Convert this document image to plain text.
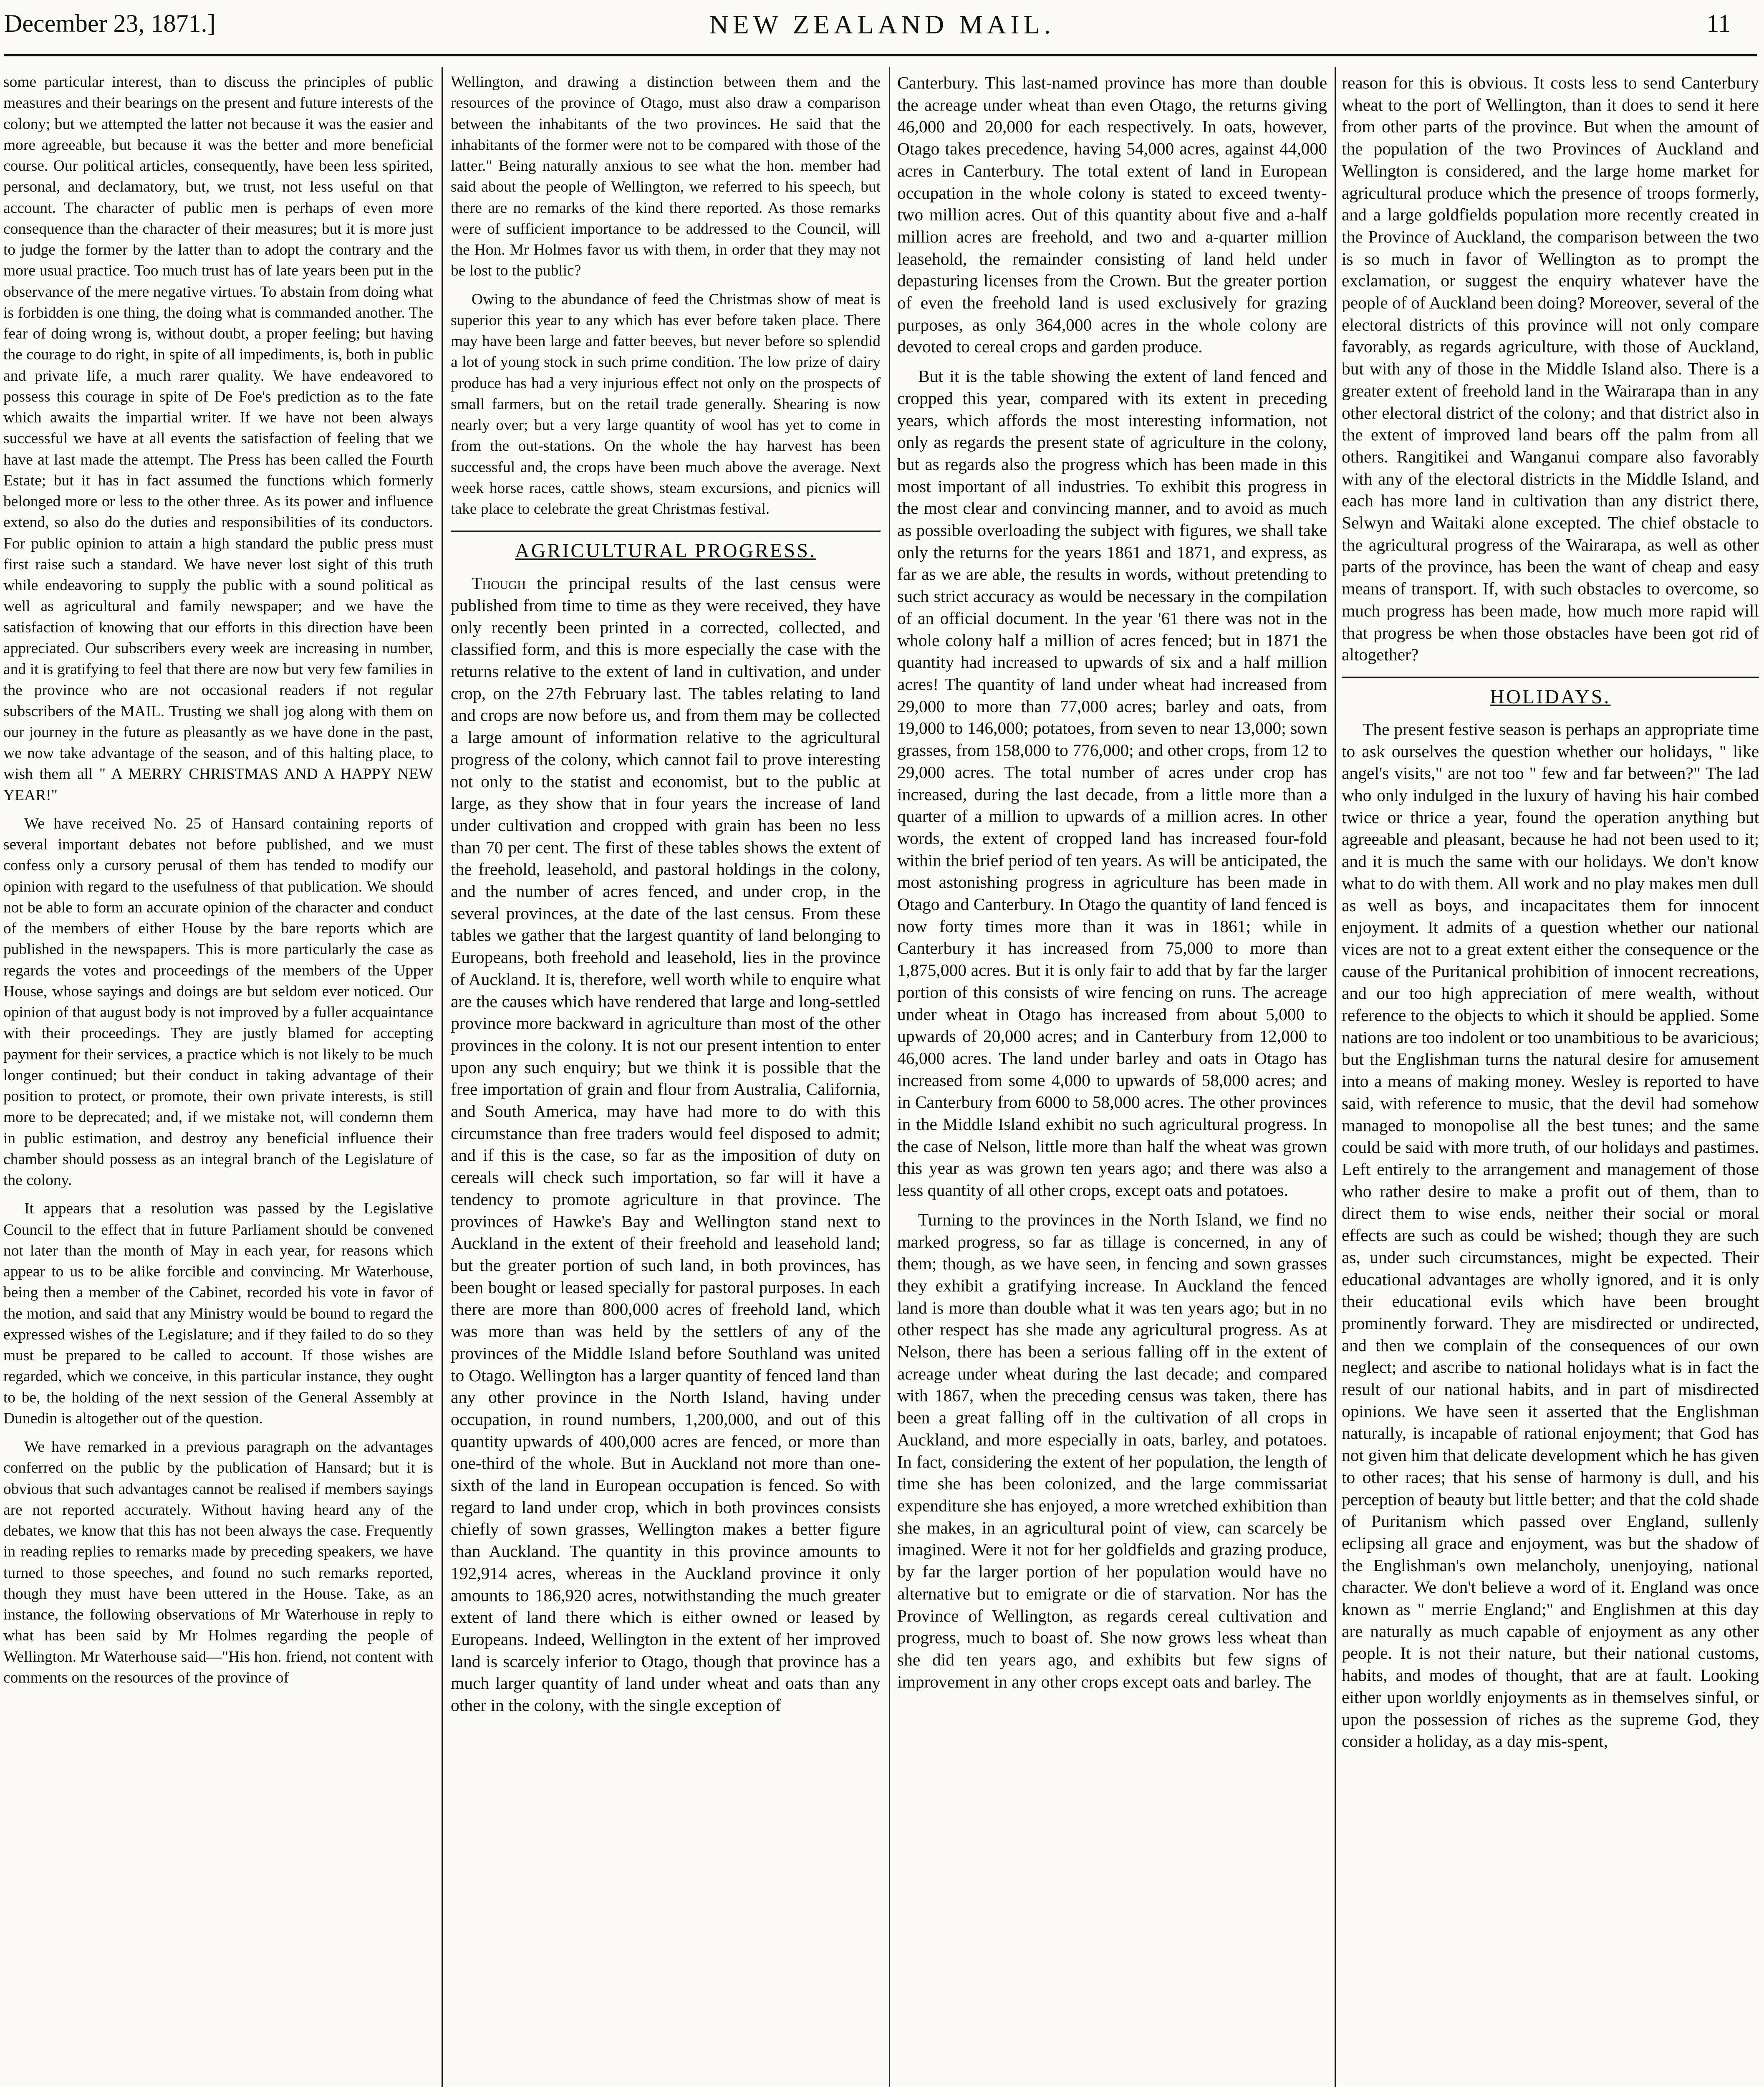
December 23, 1871.]	NEW ZEALAND MAIL.	11

some particular interest, than to discuss the principles of public measures and their bearings on the present and future interests of the colony; but we attempted the latter not because it was the easier and more agreeable, but because it was the better and more beneficial course. Our political articles, consequently, have been less spirited, personal, and declamatory, but, we trust, not less useful on that account. The character of public men is perhaps of even more consequence than the character of their measures; but it is more just to judge the former by the latter than to adopt the contrary and the more usual practice. Too much trust has of late years been put in the observance of the mere negative virtues. To abstain from doing what is forbidden is one thing, the doing what is commanded another. The fear of doing wrong is, without doubt, a proper feeling; but having the courage to do right, in spite of all impediments, is, both in public and private life, a much rarer quality. We have endeavored to possess this courage in spite of De Foe's prediction as to the fate which awaits the impartial writer. If we have not been always successful we have at all events the satisfaction of feeling that we have at last made the attempt. The Press has been called the Fourth Estate; but it has in fact assumed the functions which formerly belonged more or less to the other three. As its power and influence extend, so also do the duties and responsibilities of its conductors. For public opinion to attain a high standard the public press must first raise such a standard. We have never lost sight of this truth while endeavoring to supply the public with a sound political as well as agricultural and family newspaper; and we have the satisfaction of knowing that our efforts in this direction have been appreciated. Our subscribers every week are increasing in number, and it is gratifying to feel that there are now but very few families in the province who are not occasional readers if not regular subscribers of the MAIL. Trusting we shall jog along with them on our journey in the future as pleasantly as we have done in the past, we now take advantage of the season, and of this halting place, to wish them all " A MERRY CHRISTMAS AND A HAPPY NEW YEAR!"

We have received No. 25 of Hansard containing reports of several important debates not before published, and we must confess only a cursory perusal of them has tended to modify our opinion with regard to the usefulness of that publication. We should not be able to form an accurate opinion of the character and conduct of the members of either House by the bare reports which are published in the newspapers. This is more particularly the case as regards the votes and proceedings of the members of the Upper House, whose sayings and doings are but seldom ever noticed. Our opinion of that august body is not improved by a fuller acquaintance with their proceedings. They are justly blamed for accepting payment for their services, a practice which is not likely to be much longer continued; but their conduct in taking advantage of their position to protect, or promote, their own private interests, is still more to be deprecated; and, if we mistake not, will condemn them in public estimation, and destroy any beneficial influence their chamber should possess as an integral branch of the Legislature of the colony.

It appears that a resolution was passed by the Legislative Council to the effect that in future Parliament should be convened not later than the month of May in each year, for reasons which appear to us to be alike forcible and convincing. Mr Waterhouse, being then a member of the Cabinet, recorded his vote in favor of the motion, and said that any Ministry would be bound to regard the expressed wishes of the Legislature; and if they failed to do so they must be prepared to be called to account. If those wishes are regarded, which we conceive, in this particular instance, they ought to be, the holding of the next session of the General Assembly at Dunedin is altogether out of the question.

We have remarked in a previous paragraph on the advantages conferred on the public by the publication of Hansard; but it is obvious that such advantages cannot be realised if members sayings are not reported accurately. Without having heard any of the debates, we know that this has not been always the case. Frequently in reading replies to remarks made by preceding speakers, we have turned to those speeches, and found no such remarks reported, though they must have been uttered in the House. Take, as an instance, the following observations of Mr Waterhouse in reply to what has been said by Mr Holmes regarding the people of Wellington. Mr Waterhouse said—"His hon. friend, not content with comments on the resources of the province of

Wellington, and drawing a distinction between them and the resources of the province of Otago, must also draw a comparison between the inhabitants of the two provinces. He said that the inhabitants of the former were not to be compared with those of the latter." Being naturally anxious to see what the hon. member had said about the people of Wellington, we referred to his speech, but there are no remarks of the kind there reported. As those remarks were of sufficient importance to be addressed to the Council, will the Hon. Mr Holmes favor us with them, in order that they may not be lost to the public?

Owing to the abundance of feed the Christmas show of meat is superior this year to any which has ever before taken place. There may have been large and fatter beeves, but never before so splendid a lot of young stock in such prime condition. The low prize of dairy produce has had a very injurious effect not only on the prospects of small farmers, but on the retail trade generally. Shearing is now nearly over; but a very large quantity of wool has yet to come in from the out-stations. On the whole the hay harvest has been successful and, the crops have been much above the average. Next week horse races, cattle shows, steam excursions, and picnics will take place to celebrate the great Christmas festival.

AGRICULTURAL PROGRESS.

Though the principal results of the last census were published from time to time as they were received, they have only recently been printed in a corrected, collected, and classified form, and this is more especially the case with the returns relative to the extent of land in cultivation, and under crop, on the 27th February last. The tables relating to land and crops are now before us, and from them may be collected a large amount of information relative to the agricultural progress of the colony, which cannot fail to prove interesting not only to the statist and economist, but to the public at large, as they show that in four years the increase of land under cultivation and cropped with grain has been no less than 70 per cent. The first of these tables shows the extent of the freehold, leasehold, and pastoral holdings in the colony, and the number of acres fenced, and under crop, in the several provinces, at the date of the last census. From these tables we gather that the largest quantity of land belonging to Europeans, both freehold and leasehold, lies in the province of Auckland. It is, therefore, well worth while to enquire what are the causes which have rendered that large and long-settled province more backward in agriculture than most of the other provinces in the colony. It is not our present intention to enter upon any such enquiry; but we think it is possible that the free importation of grain and flour from Australia, California, and South America, may have had more to do with this circumstance than free traders would feel disposed to admit; and if this is the case, so far as the imposition of duty on cereals will check such importation, so far will it have a tendency to promote agriculture in that province. The provinces of Hawke's Bay and Wellington stand next to Auckland in the extent of their freehold and leasehold land; but the greater portion of such land, in both provinces, has been bought or leased specially for pastoral purposes. In each there are more than 800,000 acres of freehold land, which was more than was held by the settlers of any of the provinces of the Middle Island before Southland was united to Otago. Wellington has a larger quantity of fenced land than any other province in the North Island, having under occupation, in round numbers, 1,200,000, and out of this quantity upwards of 400,000 acres are fenced, or more than one-third of the whole. But in Auckland not more than one-sixth of the land in European occupation is fenced. So with regard to land under crop, which in both provinces consists chiefly of sown grasses, Wellington makes a better figure than Auckland. The quantity in this province amounts to 192,914 acres, whereas in the Auckland province it only amounts to 186,920 acres, notwithstanding the much greater extent of land there which is either owned or leased by Europeans. Indeed, Wellington in the extent of her improved land is scarcely inferior to Otago, though that province has a much larger quantity of land under wheat and oats than any other in the colony, with the single exception of

Canterbury. This last-named province has more than double the acreage under wheat than even Otago, the returns giving 46,000 and 20,000 for each respectively. In oats, however, Otago takes precedence, having 54,000 acres, against 44,000 acres in Canterbury. The total extent of land in European occupation in the whole colony is stated to exceed twenty-two million acres. Out of this quantity about five and a-half million acres are freehold, and two and a-quarter million leasehold, the remainder consisting of land held under depasturing licenses from the Crown. But the greater portion of even the freehold land is used exclusively for grazing purposes, as only 364,000 acres in the whole colony are devoted to cereal crops and garden produce.

But it is the table showing the extent of land fenced and cropped this year, compared with its extent in preceding years, which affords the most interesting information, not only as regards the present state of agriculture in the colony, but as regards also the progress which has been made in this most important of all industries. To exhibit this progress in the most clear and convincing manner, and to avoid as much as possible overloading the subject with figures, we shall take only the returns for the years 1861 and 1871, and express, as far as we are able, the results in words, without pretending to such strict accuracy as would be necessary in the compilation of an official document. In the year '61 there was not in the whole colony half a million of acres fenced; but in 1871 the quantity had increased to upwards of six and a half million acres! The quantity of land under wheat had increased from 29,000 to more than 77,000 acres; barley and oats, from 19,000 to 146,000; potatoes, from seven to near 13,000; sown grasses, from 158,000 to 776,000; and other crops, from 12 to 29,000 acres. The total number of acres under crop has increased, during the last decade, from a little more than a quarter of a million to upwards of a million acres. In other words, the extent of cropped land has increased four-fold within the brief period of ten years. As will be anticipated, the most astonishing progress in agriculture has been made in Otago and Canterbury. In Otago the quantity of land fenced is now forty times more than it was in 1861; while in Canterbury it has increased from 75,000 to more than 1,875,000 acres. But it is only fair to add that by far the larger portion of this consists of wire fencing on runs. The acreage under wheat in Otago has increased from about 5,000 to upwards of 20,000 acres; and in Canterbury from 12,000 to 46,000 acres. The land under barley and oats in Otago has increased from some 4,000 to upwards of 58,000 acres; and in Canterbury from 6000 to 58,000 acres. The other provinces in the Middle Island exhibit no such agricultural progress. In the case of Nelson, little more than half the wheat was grown this year as was grown ten years ago; and there was also a less quantity of all other crops, except oats and potatoes.

Turning to the provinces in the North Island, we find no marked progress, so far as tillage is concerned, in any of them; though, as we have seen, in fencing and sown grasses they exhibit a gratifying increase. In Auckland the fenced land is more than double what it was ten years ago; but in no other respect has she made any agricultural progress. As at Nelson, there has been a serious falling off in the extent of acreage under wheat during the last decade; and compared with 1867, when the preceding census was taken, there has been a great falling off in the cultivation of all crops in Auckland, and more especially in oats, barley, and potatoes. In fact, considering the extent of her population, the length of time she has been colonized, and the large commissariat expenditure she has enjoyed, a more wretched exhibition than she makes, in an agricultural point of view, can scarcely be imagined. Were it not for her goldfields and grazing produce, by far the larger portion of her population would have no alternative but to emigrate or die of starvation. Nor has the Province of Wellington, as regards cereal cultivation and progress, much to boast of. She now grows less wheat than she did ten years ago, and exhibits but few signs of improvement in any other crops except oats and barley. The

reason for this is obvious. It costs less to send Canterbury wheat to the port of Wellington, than it does to send it here from other parts of the province. But when the amount of the population of the two Provinces of Auckland and Wellington is considered, and the large home market for agricultural produce which the presence of troops formerly, and a large goldfields population more recently created in the Province of Auckland, the comparison between the two is so much in favor of Wellington as to prompt the exclamation, or suggest the enquiry whatever have the people of of Auckland been doing? Moreover, several of the electoral districts of this province will not only compare favorably, as regards agriculture, with those of Auckland, but with any of those in the Middle Island also. There is a greater extent of freehold land in the Wairarapa than in any other electoral district of the colony; and that district also in the extent of improved land bears off the palm from all others. Rangitikei and Wanganui compare also favorably with any of the electoral districts in the Middle Island, and each has more land in cultivation than any district there, Selwyn and Waitaki alone excepted. The chief obstacle to the agricultural progress of the Wairarapa, as well as other parts of the province, has been the want of cheap and easy means of transport. If, with such obstacles to overcome, so much progress has been made, how much more rapid will that progress be when those obstacles have been got rid of altogether?

HOLIDAYS.

The present festive season is perhaps an appropriate time to ask ourselves the question whether our holidays, " like angel's visits," are not too " few and far between?" The lad who only indulged in the luxury of having his hair combed twice or thrice a year, found the operation anything but agreeable and pleasant, because he had not been used to it; and it is much the same with our holidays. We don't know what to do with them. All work and no play makes men dull as well as boys, and incapacitates them for innocent enjoyment. It admits of a question whether our national vices are not to a great extent either the consequence or the cause of the Puritanical prohibition of innocent recreations, and our too high appreciation of mere wealth, without reference to the objects to which it should be applied. Some nations are too indolent or too unambitious to be avaricious; but the Englishman turns the natural desire for amusement into a means of making money. Wesley is reported to have said, with reference to music, that the devil had somehow managed to monopolise all the best tunes; and the same could be said with more truth, of our holidays and pastimes. Left entirely to the arrangement and management of those who rather desire to make a profit out of them, than to direct them to wise ends, neither their social or moral effects are such as could be wished; though they are such as, under such circumstances, might be expected. Their educational advantages are wholly ignored, and it is only their educational evils which have been brought prominently forward. They are misdirected or undirected, and then we complain of the consequences of our own neglect; and ascribe to national holidays what is in fact the result of our national habits, and in part of misdirected opinions. We have seen it asserted that the Englishman naturally, is incapable of rational enjoyment; that God has not given him that delicate development which he has given to other races; that his sense of harmony is dull, and his perception of beauty but little better; and that the cold shade of Puritanism which passed over England, sullenly eclipsing all grace and enjoyment, was but the shadow of the Englishman's own melancholy, unenjoying, national character. We don't believe a word of it. England was once known as " merrie England;" and Englishmen at this day are naturally as much capable of enjoyment as any other people. It is not their nature, but their national customs, habits, and modes of thought, that are at fault. Looking either upon worldly enjoyments as in themselves sinful, or upon the possession of riches as the supreme God, they consider a holiday, as a day mis-spent,
